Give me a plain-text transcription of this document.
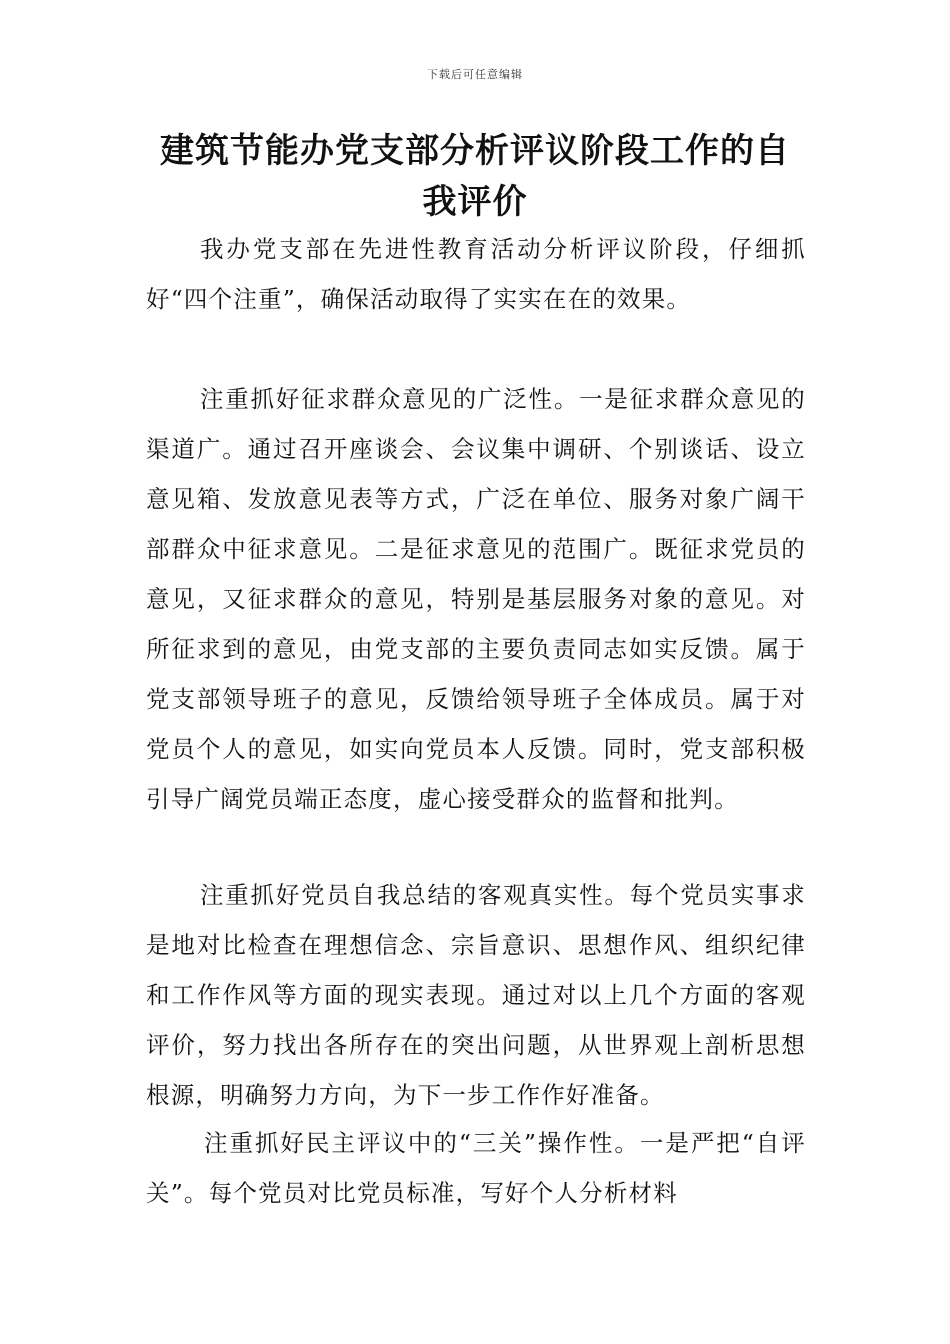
下载后可任意编辑
建筑节能办党支部分析评议阶段工作的自我评价

我办党支部在先进性教育活动分析评议阶段，仔细抓好“四个注重”，确保活动取得了实实在在的效果。

注重抓好征求群众意见的广泛性。一是征求群众意见的渠道广。通过召开座谈会、会议集中调研、个别谈话、设立意见箱、发放意见表等方式，广泛在单位、服务对象广阔干部群众中征求意见。二是征求意见的范围广。既征求党员的意见，又征求群众的意见，特别是基层服务对象的意见。对所征求到的意见，由党支部的主要负责同志如实反馈。属于党支部领导班子的意见，反馈给领导班子全体成员。属于对党员个人的意见，如实向党员本人反馈。同时，党支部积极引导广阔党员端正态度，虚心接受群众的监督和批判。

注重抓好党员自我总结的客观真实性。每个党员实事求是地对比检查在理想信念、宗旨意识、思想作风、组织纪律和工作作风等方面的现实表现。通过对以上几个方面的客观评价，努力找出各所存在的突出问题，从世界观上剖析思想根源，明确努力方向，为下一步工作作好准备。

注重抓好民主评议中的“三关”操作性。一是严把“自评关”。每个党员对比党员标准，写好个人分析材料
